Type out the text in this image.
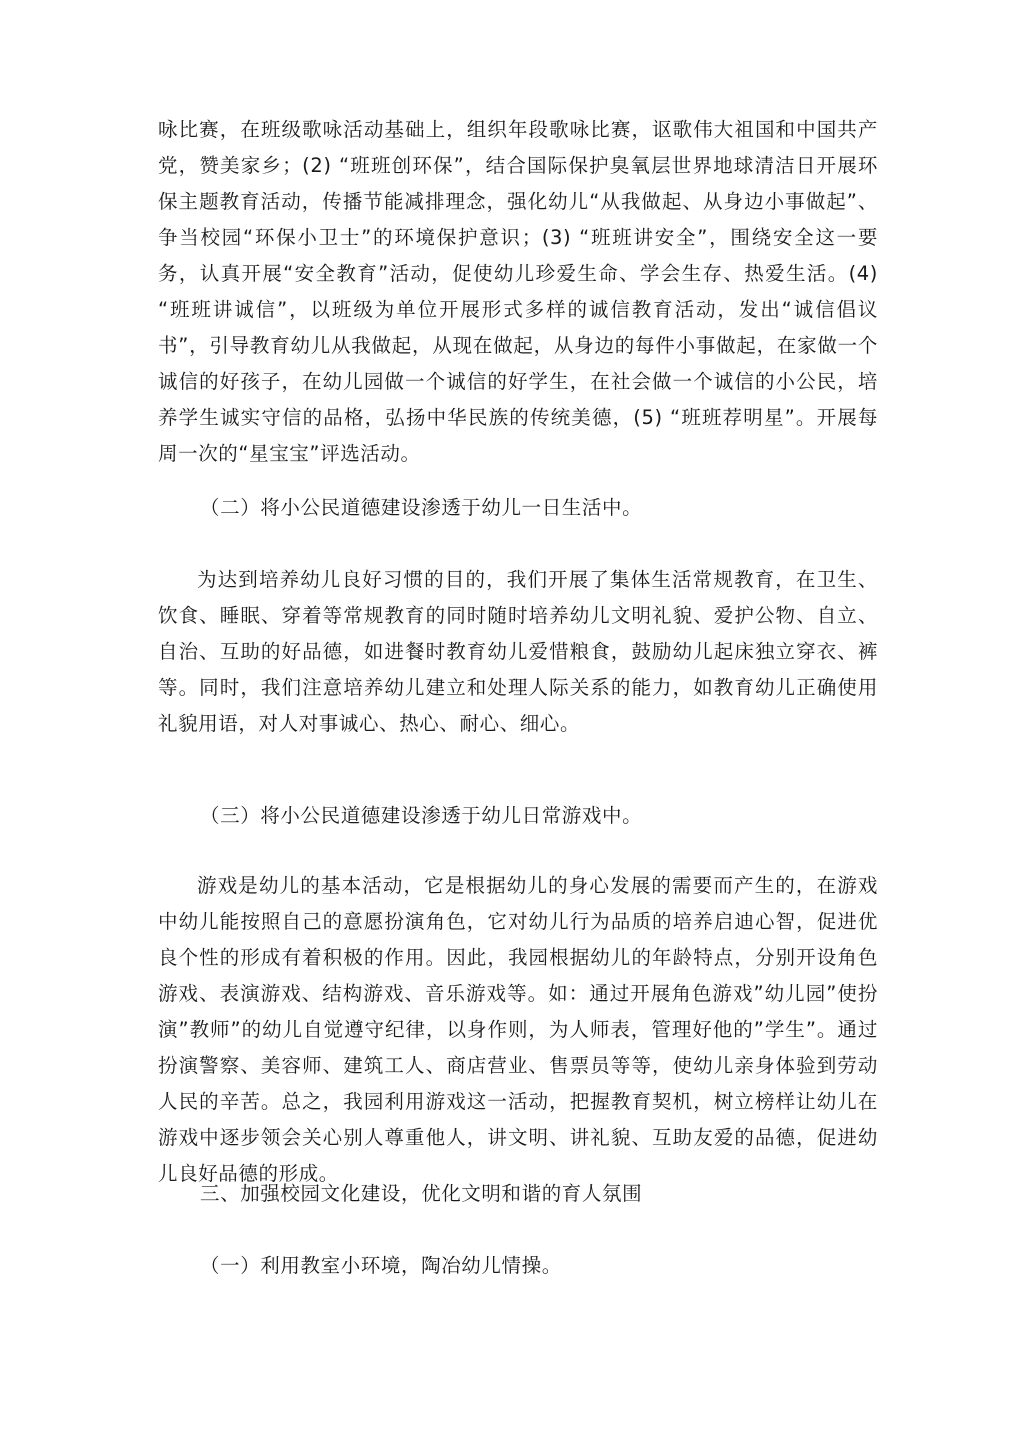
咏比赛，在班级歌咏活动基础上，组织年段歌咏比赛，讴歌伟大祖国和中国共产党，赞美家乡；(2) “班班创环保”，结合国际保护臭氧层世界地球清洁日开展环保主题教育活动，传播节能减排理念，强化幼儿“从我做起、从身边小事做起”、争当校园“环保小卫士”的环境保护意识；(3) “班班讲安全”，围绕安全这一要务，认真开展“安全教育”活动，促使幼儿珍爱生命、学会生存、热爱生活。(4) “班班讲诚信”，以班级为单位开展形式多样的诚信教育活动，发出“诚信倡议书”，引导教育幼儿从我做起，从现在做起，从身边的每件小事做起，在家做一个诚信的好孩子，在幼儿园做一个诚信的好学生，在社会做一个诚信的小公民，培养学生诚实守信的品格，弘扬中华民族的传统美德，(5) “班班荐明星”。开展每周一次的“星宝宝”评选活动。

（二）将小公民道德建设渗透于幼儿一日生活中。

为达到培养幼儿良好习惯的目的，我们开展了集体生活常规教育，在卫生、饮食、睡眠、穿着等常规教育的同时随时培养幼儿文明礼貌、爱护公物、自立、自治、互助的好品德，如进餐时教育幼儿爱惜粮食，鼓励幼儿起床独立穿衣、裤等。同时，我们注意培养幼儿建立和处理人际关系的能力，如教育幼儿正确使用礼貌用语，对人对事诚心、热心、耐心、细心。

（三）将小公民道德建设渗透于幼儿日常游戏中。

游戏是幼儿的基本活动，它是根据幼儿的身心发展的需要而产生的，在游戏中幼儿能按照自己的意愿扮演角色，它对幼儿行为品质的培养启迪心智，促进优良个性的形成有着积极的作用。因此，我园根据幼儿的年龄特点，分别开设角色游戏、表演游戏、结构游戏、音乐游戏等。如：通过开展角色游戏”幼儿园”使扮演”教师”的幼儿自觉遵守纪律，以身作则，为人师表，管理好他的”学生”。通过扮演警察、美容师、建筑工人、商店营业、售票员等等，使幼儿亲身体验到劳动人民的辛苦。总之，我园利用游戏这一活动，把握教育契机，树立榜样让幼儿在游戏中逐步领会关心别人尊重他人，讲文明、讲礼貌、互助友爱的品德，促进幼儿良好品德的形成。

三、加强校园文化建设，优化文明和谐的育人氛围

（一）利用教室小环境，陶冶幼儿情操。
